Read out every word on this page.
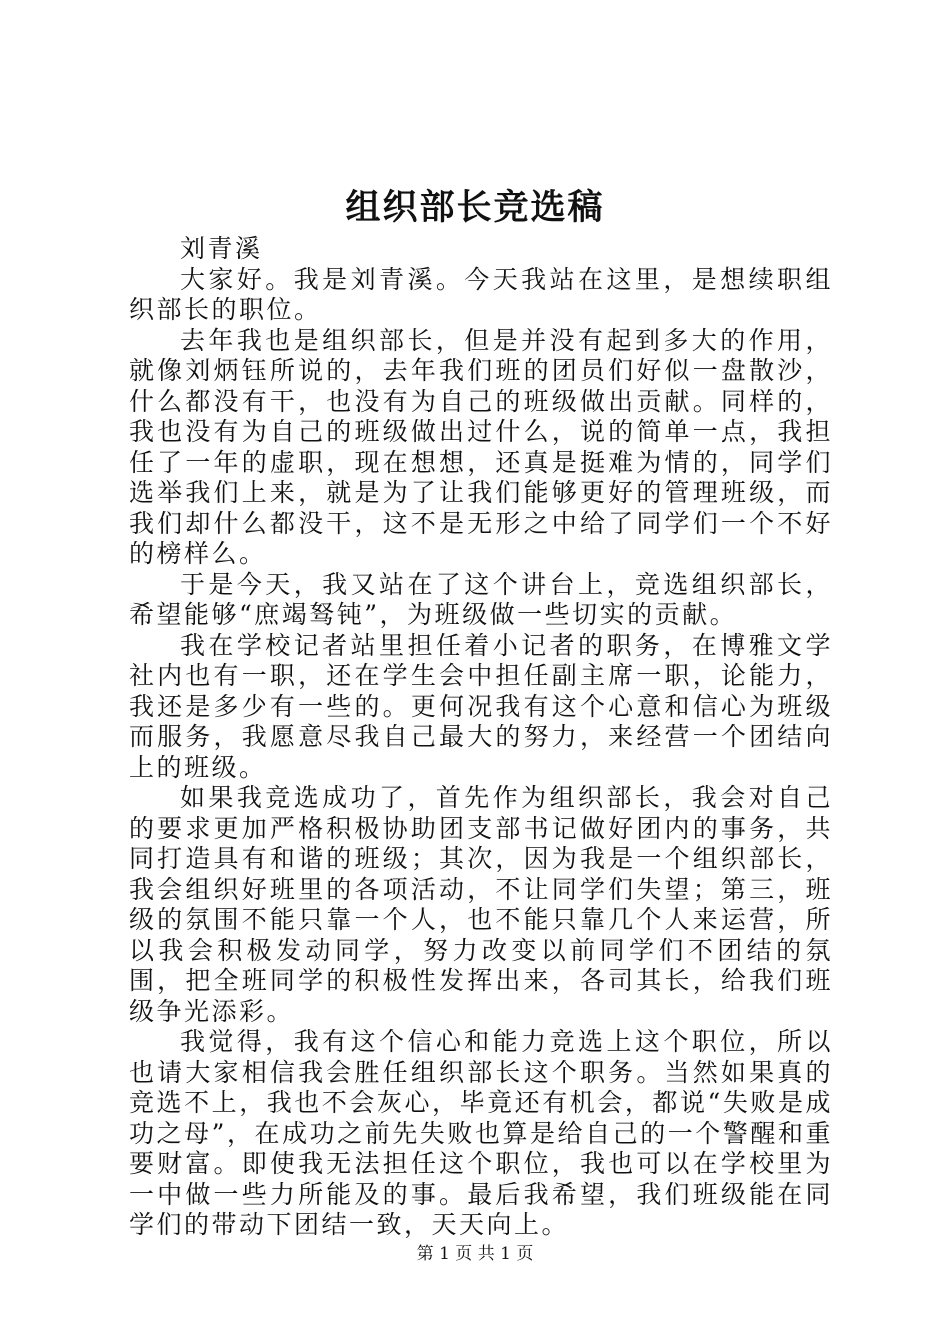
组织部长竞选稿

刘青溪

大家好。我是刘青溪。今天我站在这里，是想续职组织部长的职位。

去年我也是组织部长，但是并没有起到多大的作用，就像刘炳钰所说的，去年我们班的团员们好似一盘散沙，什么都没有干，也没有为自己的班级做出贡献。同样的，我也没有为自己的班级做出过什么，说的简单一点，我担任了一年的虚职，现在想想，还真是挺难为情的，同学们选举我们上来，就是为了让我们能够更好的管理班级，而我们却什么都没干，这不是无形之中给了同学们一个不好的榜样么。

于是今天，我又站在了这个讲台上，竞选组织部长，希望能够“庶竭驽钝”，为班级做一些切实的贡献。

我在学校记者站里担任着小记者的职务，在博雅文学社内也有一职，还在学生会中担任副主席一职，论能力，我还是多少有一些的。更何况我有这个心意和信心为班级而服务，我愿意尽我自己最大的努力，来经营一个团结向上的班级。

如果我竞选成功了，首先作为组织部长，我会对自己的要求更加严格积极协助团支部书记做好团内的事务，共同打造具有和谐的班级；其次，因为我是一个组织部长，我会组织好班里的各项活动，不让同学们失望；第三，班级的氛围不能只靠一个人，也不能只靠几个人来运营，所以我会积极发动同学，努力改变以前同学们不团结的氛围，把全班同学的积极性发挥出来，各司其长，给我们班级争光添彩。

我觉得，我有这个信心和能力竞选上这个职位，所以也请大家相信我会胜任组织部长这个职务。当然如果真的竞选不上，我也不会灰心，毕竟还有机会，都说“失败是成功之母”，在成功之前先失败也算是给自己的一个警醒和重要财富。即使我无法担任这个职位，我也可以在学校里为一中做一些力所能及的事。最后我希望，我们班级能在同学们的带动下团结一致，天天向上。

第 1 页 共 1 页
